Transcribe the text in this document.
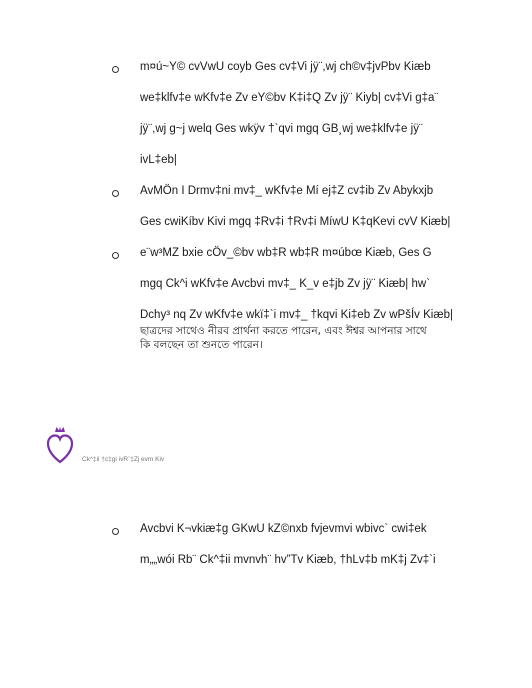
m¤ú~Y© cvVwU coyb Ges cv‡Vi jÿ¨,wj ch©v‡jvPbv Kiæb
we‡klfv‡e wKfv‡e Zv eY©bv K‡i‡Q Zv jÿ¨ Kiyb| cv‡Vi g‡a¨
jÿ¨,wj g~j welq Ges wkÿv †`qvi mgq GB¸wj we‡klfv‡e jÿ¨
ivL‡eb|
AvMÖn I Drmv‡ni mv‡_ wKfv‡e Mí ej‡Z cv‡ib Zv Abykxjb
Ges cwiKíbv Kivi mgq ‡Rv‡i †Rv‡i MíwU K‡qKevi cvV Kiæb|
e¨w³MZ bxie cÖv_©bv wb‡R wb‡R m¤úbœ Kiæb, Ges G
mgq Ck^i wKfv‡e Avcbvi mv‡_ K_v e‡jb Zv jÿ¨ Kiæb| hw`
Dchy³ nq Zv wKfv‡e wkï‡`i mv‡_ †kqvi Ki‡eb Zv wPšÍv Kiæb|
ছাত্রদের সাথেও নীরব প্রার্থনা করতে পারেন, এবং ঈশ্বর আপনার সাথে
কি বলছেন তা শুনতে পারেন।
Ck^‡ii †c‡gi ivR¨‡Zj evm Kiv
Avcbvi K¬vkiæ‡g GKwU kZ©nxb fvjevmvi wbivc` cwi‡ek
m„„wói Rb¨ Ck^‡ii mvnvh¨ hv”Tv Kiæb, †hLv‡b mK‡j Zv‡`i
